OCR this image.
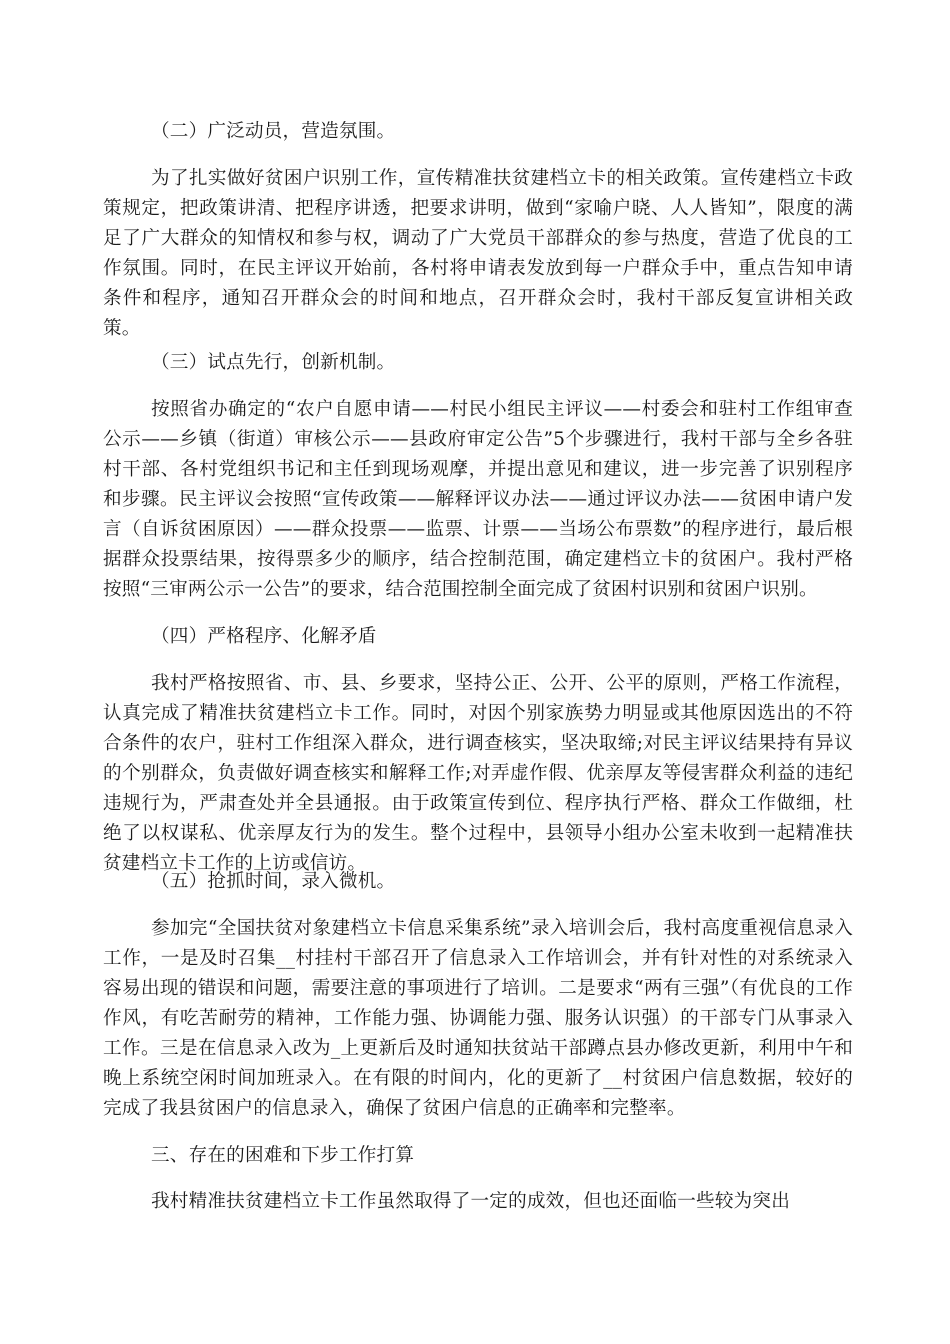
（二）广泛动员，营造氛围。

为了扎实做好贫困户识别工作，宣传精准扶贫建档立卡的相关政策。宣传建档立卡政策规定，把政策讲清、把程序讲透，把要求讲明，做到“家喻户晓、人人皆知”，限度的满足了广大群众的知情权和参与权，调动了广大党员干部群众的参与热度，营造了优良的工作氛围。同时，在民主评议开始前，各村将申请表发放到每一户群众手中，重点告知申请条件和程序，通知召开群众会的时间和地点，召开群众会时，我村干部反复宣讲相关政策。

（三）试点先行，创新机制。

按照省办确定的“农户自愿申请——村民小组民主评议——村委会和驻村工作组审查公示——乡镇（街道）审核公示——县政府审定公告”5个步骤进行，我村干部与全乡各驻村干部、各村党组织书记和主任到现场观摩，并提出意见和建议，进一步完善了识别程序和步骤。民主评议会按照“宣传政策——解释评议办法——通过评议办法——贫困申请户发言（自诉贫困原因）——群众投票——监票、计票——当场公布票数”的程序进行，最后根据群众投票结果，按得票多少的顺序，结合控制范围，确定建档立卡的贫困户。我村严格按照“三审两公示一公告”的要求，结合范围控制全面完成了贫困村识别和贫困户识别。

（四）严格程序、化解矛盾

我村严格按照省、市、县、乡要求，坚持公正、公开、公平的原则，严格工作流程，认真完成了精准扶贫建档立卡工作。同时，对因个别家族势力明显或其他原因选出的不符合条件的农户，驻村工作组深入群众，进行调查核实，坚决取缔;对民主评议结果持有异议的个别群众，负责做好调查核实和解释工作;对弄虚作假、优亲厚友等侵害群众利益的违纪违规行为，严肃查处并全县通报。由于政策宣传到位、程序执行严格、群众工作做细，杜绝了以权谋私、优亲厚友行为的发生。整个过程中，县领导小组办公室未收到一起精准扶贫建档立卡工作的上访或信访。

（五）抢抓时间，录入微机。

参加完“全国扶贫对象建档立卡信息采集系统”录入培训会后，我村高度重视信息录入工作，一是及时召集__村挂村干部召开了信息录入工作培训会，并有针对性的对系统录入容易出现的错误和问题，需要注意的事项进行了培训。二是要求“两有三强”（有优良的工作作风，有吃苦耐劳的精神，工作能力强、协调能力强、服务认识强）的干部专门从事录入工作。三是在信息录入改为_上更新后及时通知扶贫站干部蹲点县办修改更新，利用中午和晚上系统空闲时间加班录入。在有限的时间内，化的更新了__村贫困户信息数据，较好的完成了我县贫困户的信息录入，确保了贫困户信息的正确率和完整率。

三、存在的困难和下步工作打算

我村精准扶贫建档立卡工作虽然取得了一定的成效，但也还面临一些较为突出
